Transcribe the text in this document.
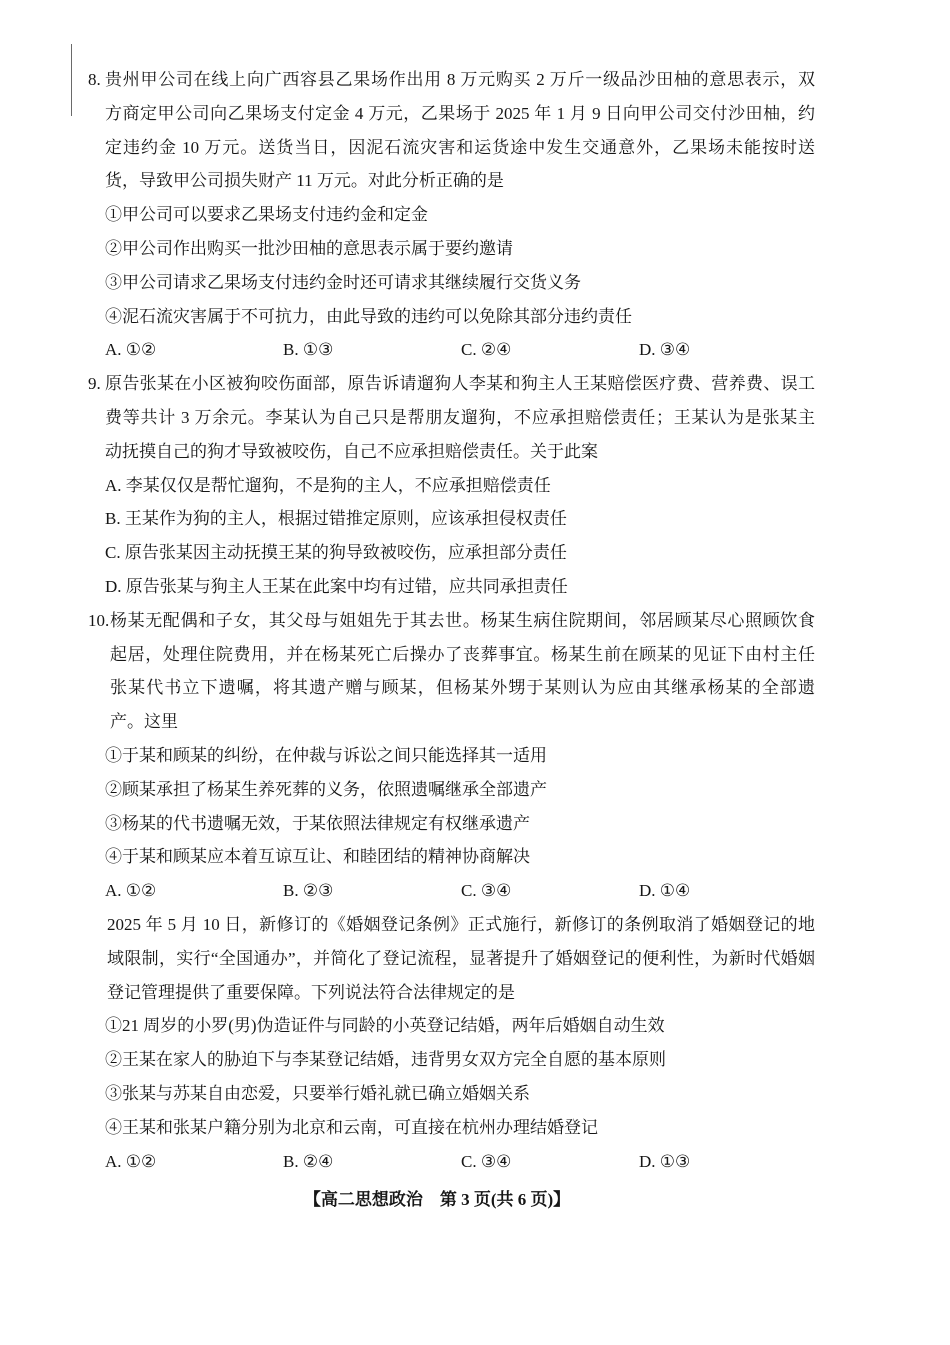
8. 贵州甲公司在线上向广西容县乙果场作出用 8 万元购买 2 万斤一级品沙田柚的意思表示，双
方商定甲公司向乙果场支付定金 4 万元，乙果场于 2025 年 1 月 9 日向甲公司交付沙田柚，约
定违约金 10 万元。送货当日，因泥石流灾害和运货途中发生交通意外，乙果场未能按时送
货，导致甲公司损失财产 11 万元。对此分析正确的是
①甲公司可以要求乙果场支付违约金和定金
②甲公司作出购买一批沙田柚的意思表示属于要约邀请
③甲公司请求乙果场支付违约金时还可请求其继续履行交货义务
④泥石流灾害属于不可抗力，由此导致的违约可以免除其部分违约责任
A. ①②	B. ①③	C. ②④	D. ③④
9. 原告张某在小区被狗咬伤面部，原告诉请遛狗人李某和狗主人王某赔偿医疗费、营养费、误工
费等共计 3 万余元。李某认为自己只是帮朋友遛狗，不应承担赔偿责任；王某认为是张某主
动抚摸自己的狗才导致被咬伤，自己不应承担赔偿责任。关于此案
A. 李某仅仅是帮忙遛狗，不是狗的主人，不应承担赔偿责任
B. 王某作为狗的主人，根据过错推定原则，应该承担侵权责任
C. 原告张某因主动抚摸王某的狗导致被咬伤，应承担部分责任
D. 原告张某与狗主人王某在此案中均有过错，应共同承担责任
10. 杨某无配偶和子女，其父母与姐姐先于其去世。杨某生病住院期间，邻居顾某尽心照顾饮食
起居，处理住院费用，并在杨某死亡后操办了丧葬事宜。杨某生前在顾某的见证下由村主任
张某代书立下遗嘱，将其遗产赠与顾某，但杨某外甥于某则认为应由其继承杨某的全部遗
产。这里
①于某和顾某的纠纷，在仲裁与诉讼之间只能选择其一适用
②顾某承担了杨某生养死葬的义务，依照遗嘱继承全部遗产
③杨某的代书遗嘱无效，于某依照法律规定有权继承遗产
④于某和顾某应本着互谅互让、和睦团结的精神协商解决
A. ①②	B. ②③	C. ③④	D. ①④
2025 年 5 月 10 日，新修订的《婚姻登记条例》正式施行，新修订的条例取消了婚姻登记的地
域限制，实行“全国通办”，并简化了登记流程，显著提升了婚姻登记的便利性，为新时代婚姻
登记管理提供了重要保障。下列说法符合法律规定的是
①21 周岁的小罗(男)伪造证件与同龄的小英登记结婚，两年后婚姻自动生效
②王某在家人的胁迫下与李某登记结婚，违背男女双方完全自愿的基本原则
③张某与苏某自由恋爱，只要举行婚礼就已确立婚姻关系
④王某和张某户籍分别为北京和云南，可直接在杭州办理结婚登记
A. ①②	B. ②④	C. ③④	D. ①③
【高二思想政治　第 3 页(共 6 页)】
